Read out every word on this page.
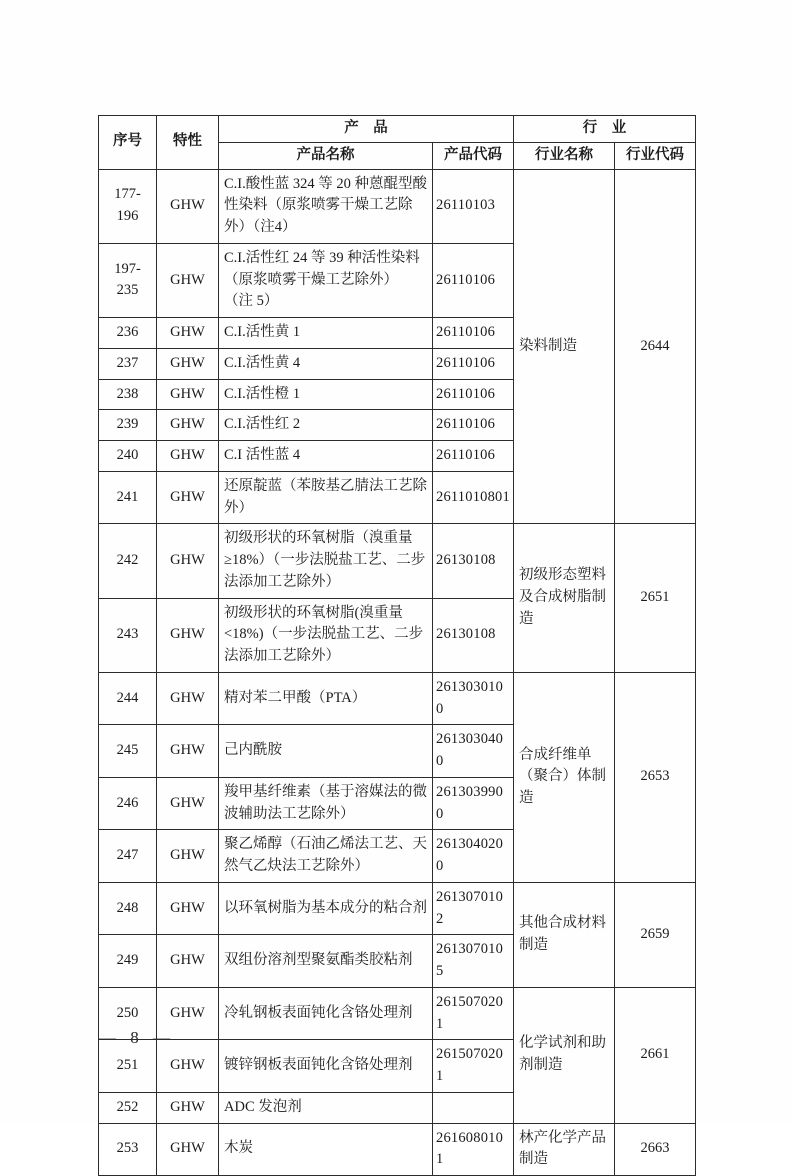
序号	特性	产　品		行　业	
		产品名称	产品代码	行业名称	行业代码
177-196	GHW	C.I.酸性蓝 324 等 20 种蒽醌型酸性染料（原浆喷雾干燥工艺除外）（注4）	26110103	染料制造	2644
197-235	GHW	C.I.活性红 24 等 39 种活性染料（原浆喷雾干燥工艺除外） （注 5）	26110106		
236	GHW	C.I.活性黄 1	26110106		
237	GHW	C.I.活性黄 4	26110106		
238	GHW	C.I.活性橙 1	26110106		
239	GHW	C.I.活性红 2	26110106		
240	GHW	C.I 活性蓝 4	26110106		
241	GHW	还原靛蓝（苯胺基乙腈法工艺除外）	2611010801		
242	GHW	初级形状的环氧树脂（溴重量≥18%）（一步法脱盐工艺、二步法添加工艺除外）	26130108	初级形态塑料及合成树脂制造	2651
243	GHW	初级形状的环氧树脂(溴重量<18%)（一步法脱盐工艺、二步法添加工艺除外）	26130108		
244	GHW	精对苯二甲酸（PTA）	2613030100	合成纤维单（聚合）体制造	2653
245	GHW	己内酰胺	2613030400		
246	GHW	羧甲基纤维素（基于溶媒法的微波辅助法工艺除外）	2613039900		
247	GHW	聚乙烯醇（石油乙烯法工艺、天然气乙炔法工艺除外）	2613040200		
248	GHW	以环氧树脂为基本成分的粘合剂	2613070102	其他合成材料制造	2659
249	GHW	双组份溶剂型聚氨酯类胶粘剂	2613070105		
250	GHW	冷轧钢板表面钝化含铬处理剂	2615070201	化学试剂和助剂制造	2661
251	GHW	镀锌钢板表面钝化含铬处理剂	2615070201		
252	GHW	ADC 发泡剂			
253	GHW	木炭	2616080101	林产化学产品制造	2663
— 8 —
